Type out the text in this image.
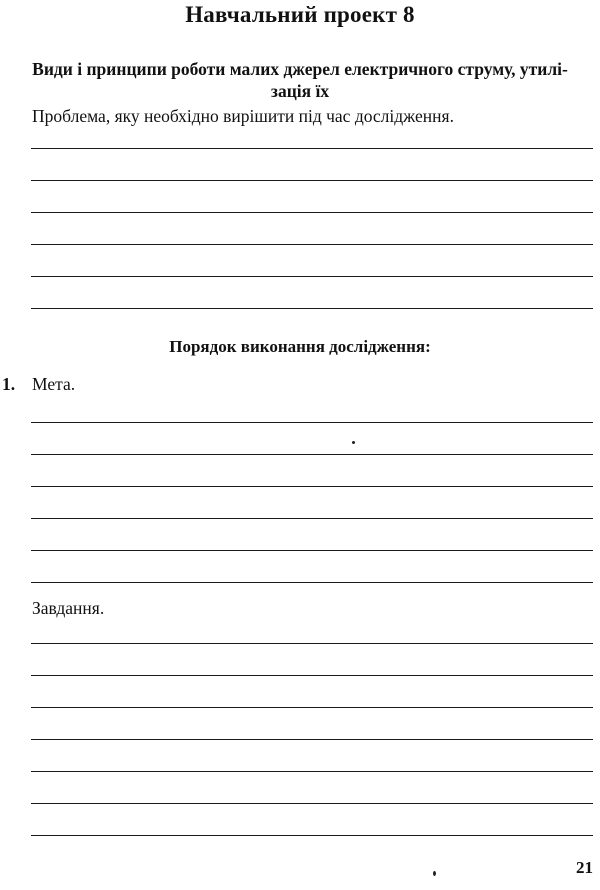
Навчальний проект 8
Види і принципи роботи малих джерел електричного струму, утилі-
зація їх
Проблема, яку необхідно вирішити під час дослідження.
Порядок виконання дослідження:
1. Мета.
Завдання.
21
